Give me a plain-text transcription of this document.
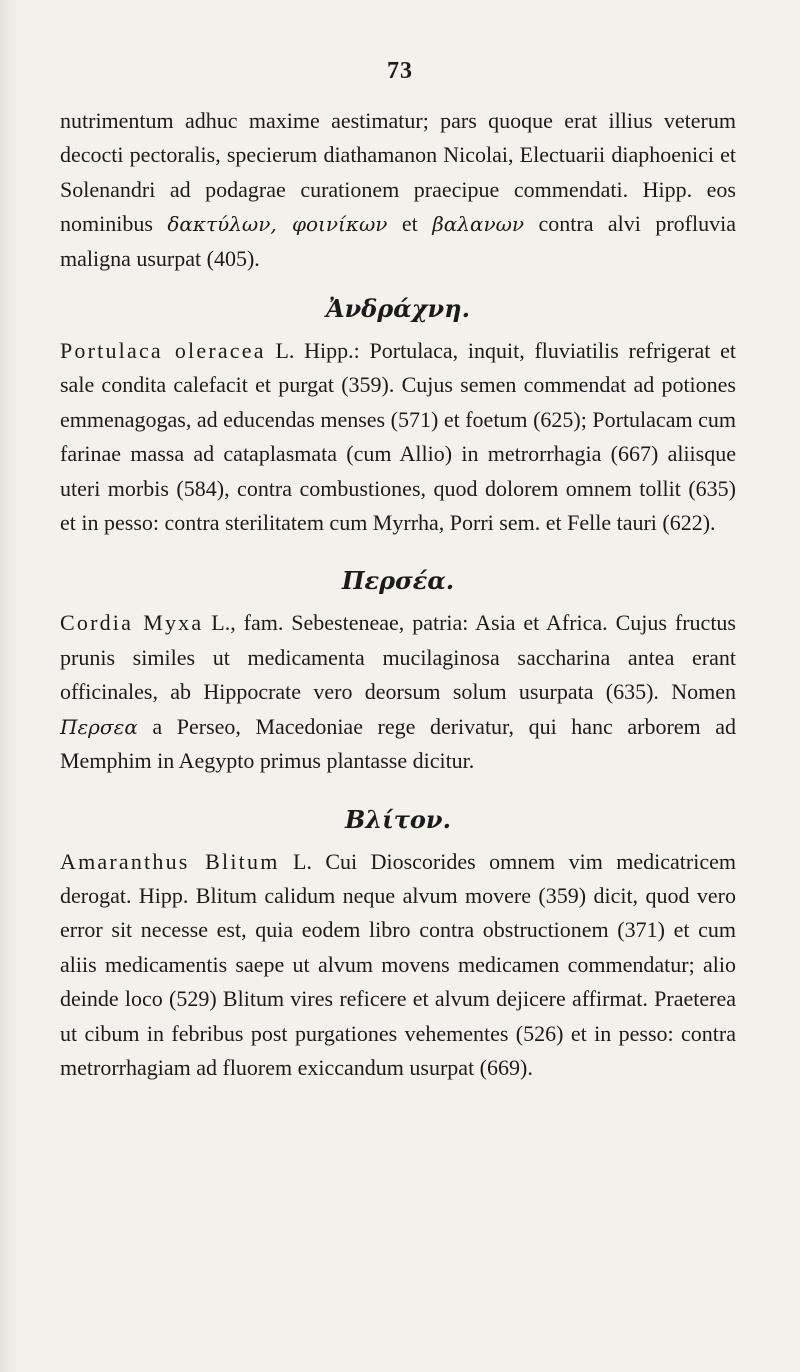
73

nutrimentum adhuc maxime aestimatur; pars quoque erat illius veterum decocti pectoralis, specierum diathamanon Nicolai, Electuarii diaphoenici et Solenandri ad podagrae curationem praecipue commendati. Hipp. eos nominibus δακτύλων, φοινίκων et βαλανων contra alvi profluvia maligna usurpat (405).

Ἀνδράχνη.

Portulaca oleracea L. Hipp.: Portulaca, inquit, fluviatilis refrigerat et sale condita calefacit et purgat (359). Cujus semen commendat ad potiones emmenagogas, ad educendas menses (571) et foetum (625); Portulacam cum farinae massa ad cataplasmata (cum Allio) in metrorrhagia (667) aliisque uteri morbis (584), contra combustiones, quod dolorem omnem tollit (635) et in pesso: contra sterilitatem cum Myrrha, Porri sem. et Felle tauri (622).

Περσέα.

Cordia Myxa L., fam. Sebesteneae, patria: Asia et Africa. Cujus fructus prunis similes ut medicamenta mucilaginosa saccharina antea erant officinales, ab Hippocrate vero deorsum solum usurpata (635). Nomen Περσεα a Perseo, Macedoniae rege derivatur, qui hanc arborem ad Memphim in Aegypto primus plantasse dicitur.

Βλίτον.

Amaranthus Blitum L. Cui Dioscorides omnem vim medicatricem derogat. Hipp. Blitum calidum neque alvum movere (359) dicit, quod vero error sit necesse est, quia eodem libro contra obstructionem (371) et cum aliis medicamentis saepe ut alvum movens medicamen commendatur; alio deinde loco (529) Blitum vires reficere et alvum dejicere affirmat. Praeterea ut cibum in febribus post purgationes vehementes (526) et in pesso: contra metrorrhagiam ad fluorem exiccandum usurpat (669).
